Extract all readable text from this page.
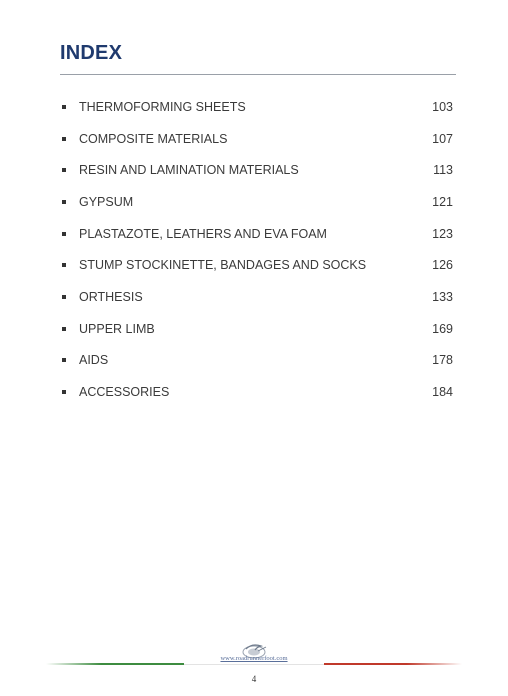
INDEX
THERMOFORMING SHEETS	103
COMPOSITE MATERIALS	107
RESIN AND LAMINATION MATERIALS	113
GYPSUM	121
PLASTAZOTE, LEATHERS AND EVA FOAM	123
STUMP STOCKINETTE, BANDAGES AND SOCKS	126
ORTHESIS	133
UPPER LIMB	169
AIDS	178
ACCESSORIES	184
www.roadrunnerfoot.com
4
